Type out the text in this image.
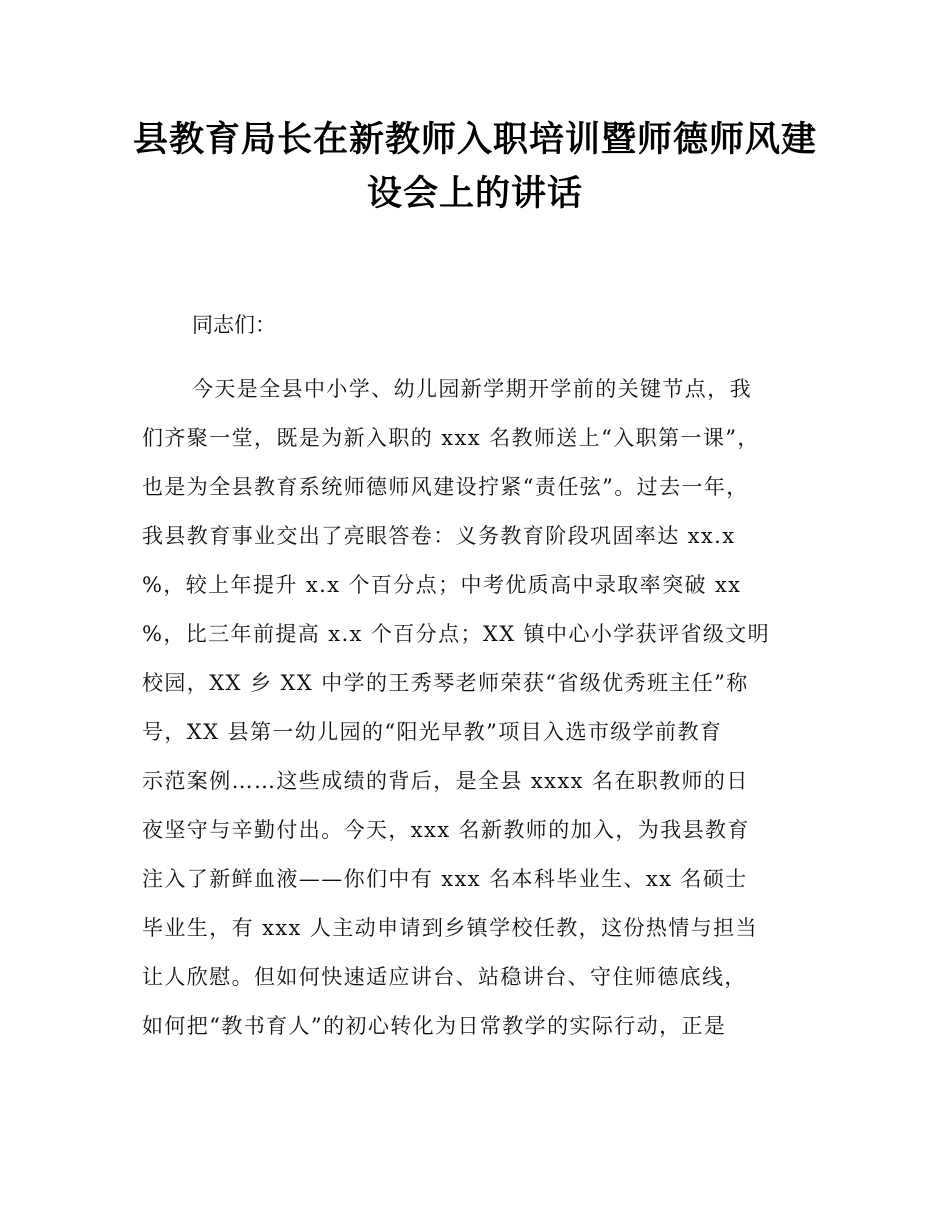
县教育局长在新教师入职培训暨师德师风建
设会上的讲话
同志们：
今天是全县中小学、幼儿园新学期开学前的关键节点，我
们齐聚一堂，既是为新入职的 xxx 名教师送上“入职第一课”，
也是为全县教育系统师德师风建设拧紧“责任弦”。过去一年，
我县教育事业交出了亮眼答卷：义务教育阶段巩固率达 xx.x
%，较上年提升 x.x 个百分点；中考优质高中录取率突破 xx
%，比三年前提高 x.x 个百分点；XX 镇中心小学获评省级文明
校园，XX 乡 XX 中学的王秀琴老师荣获“省级优秀班主任”称
号，XX 县第一幼儿园的“阳光早教”项目入选市级学前教育
示范案例……这些成绩的背后，是全县 xxxx 名在职教师的日
夜坚守与辛勤付出。今天，xxx 名新教师的加入，为我县教育
注入了新鲜血液——你们中有 xxx 名本科毕业生、xx 名硕士
毕业生，有 xxx 人主动申请到乡镇学校任教，这份热情与担当
让人欣慰。但如何快速适应讲台、站稳讲台、守住师德底线，
如何把“教书育人”的初心转化为日常教学的实际行动，正是
